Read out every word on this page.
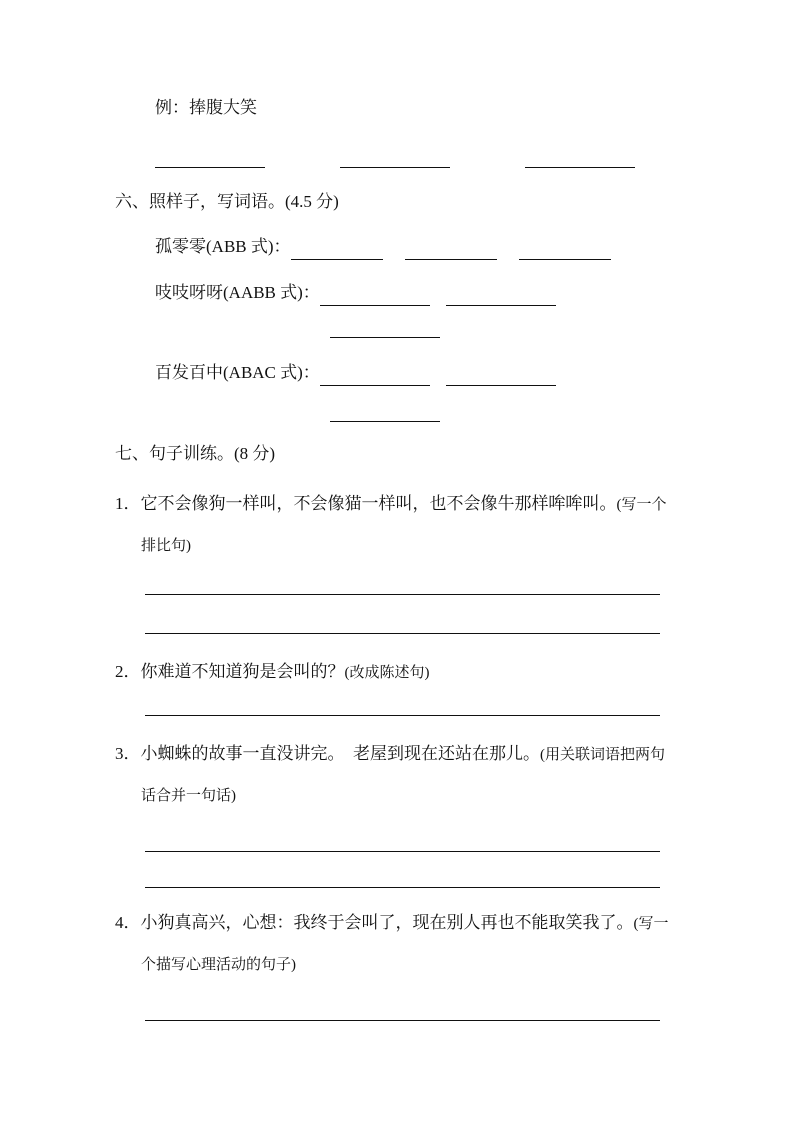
例：捧腹大笑
六、照样子，写词语。(4.5 分)
孤零零(ABB 式)：
吱吱呀呀(AABB 式)：
百发百中(ABAC 式)：
七、句子训练。(8 分)
1．它不会像狗一样叫，不会像猫一样叫，也不会像牛那样哞哞叫。(写一个排比句)
2．你难道不知道狗是会叫的？(改成陈述句)
3．小蜘蛛的故事一直没讲完。　老屋到现在还站在那儿。(用关联词语把两句话合并一句话)
4．小狗真高兴，心想：我终于会叫了，现在别人再也不能取笑我了。(写一个描写心理活动的句子)
